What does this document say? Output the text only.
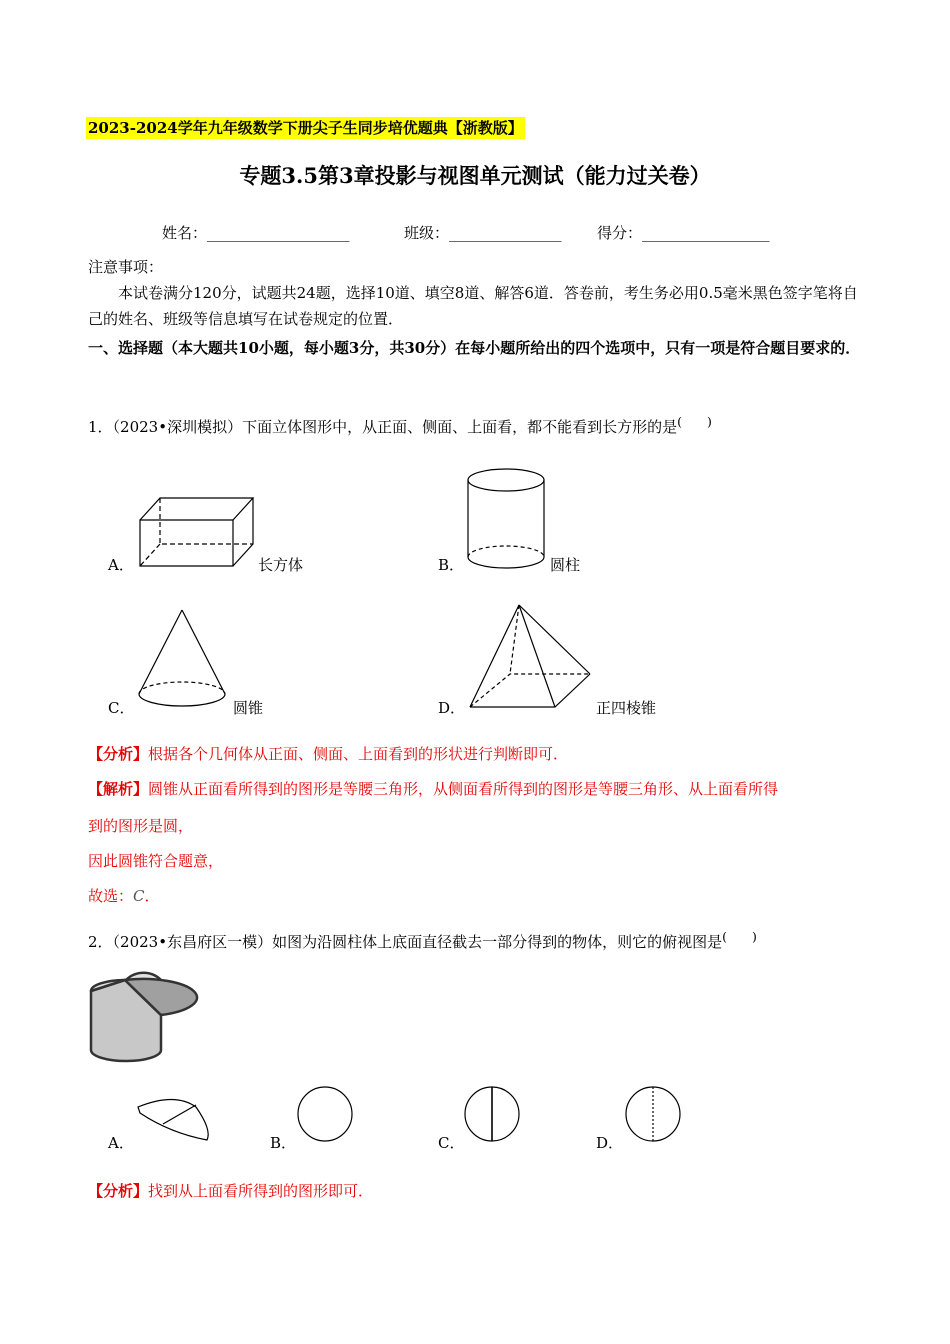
2023-2024学年九年级数学下册尖子生同步培优题典【浙教版】
专题3.5第3章投影与视图单元测试（能力过关卷）
姓名：___________________	班级：_______________ 得分：_________________
注意事项：
本试卷满分120分，试题共24题，选择10道、填空8道、解答6道．答卷前，考生务必用0.5毫米黑色签字笔将自己的姓名、班级等信息填写在试卷规定的位置．
一、选择题（本大题共10小题，每小题3分，共30分）在每小题所给出的四个选项中，只有一项是符合题目要求的．
1．（2023•深圳模拟）下面立体图形中，从正面、侧面、上面看，都不能看到长方形的是(　　)
A．	长方体	B．	圆柱
C．	圆锥	D．	正四棱锥
【分析】根据各个几何体从正面、侧面、上面看到的形状进行判断即可．
【解析】圆锥从正面看所得到的图形是等腰三角形，从侧面看所得到的图形是等腰三角形、从上面看所得
到的图形是圆，
因此圆锥符合题意，
故选：C．
2．（2023•东昌府区一模）如图为沿圆柱体上底面直径截去一部分得到的物体，则它的俯视图是(　　)
A．	B．	C．	D．
【分析】找到从上面看所得到的图形即可．
